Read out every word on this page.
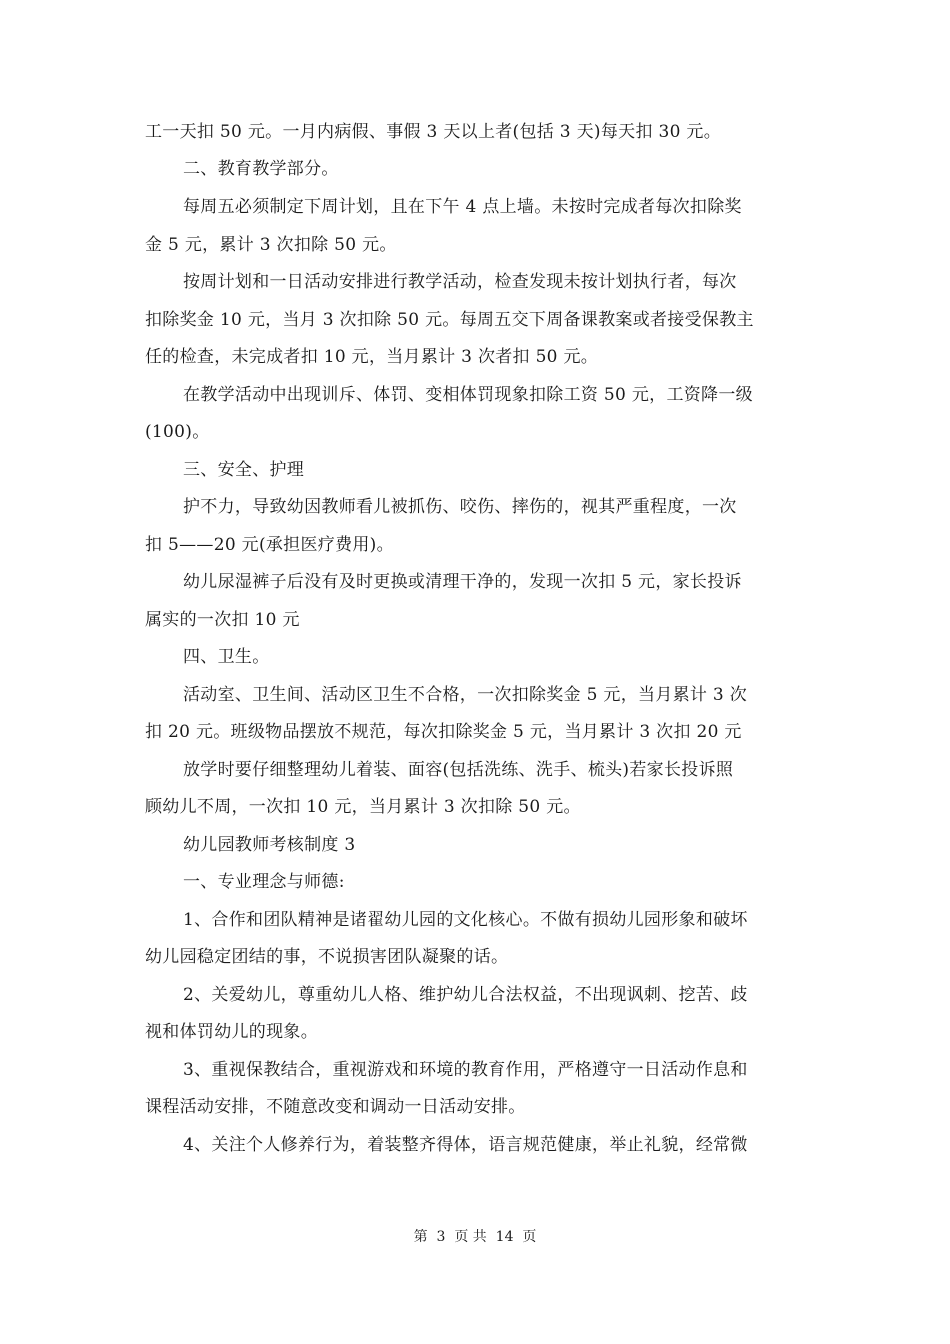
工一天扣 50 元。一月内病假、事假 3 天以上者(包括 3 天)每天扣 30 元。
二、教育教学部分。
每周五必须制定下周计划，且在下午 4 点上墙。未按时完成者每次扣除奖
金 5 元，累计 3 次扣除 50 元。
按周计划和一日活动安排进行教学活动，检查发现未按计划执行者，每次
扣除奖金 10 元，当月 3 次扣除 50 元。每周五交下周备课教案或者接受保教主
任的检查，未完成者扣 10 元，当月累计 3 次者扣 50 元。
在教学活动中出现训斥、体罚、变相体罚现象扣除工资 50 元，工资降一级
(100)。
三、安全、护理
护不力，导致幼因教师看儿被抓伤、咬伤、摔伤的，视其严重程度，一次
扣 5——20 元(承担医疗费用)。
幼儿尿湿裤子后没有及时更换或清理干净的，发现一次扣 5 元，家长投诉
属实的一次扣 10 元
四、卫生。
活动室、卫生间、活动区卫生不合格，一次扣除奖金 5 元，当月累计 3 次
扣 20 元。班级物品摆放不规范，每次扣除奖金 5 元，当月累计 3 次扣 20 元
放学时要仔细整理幼儿着装、面容(包括洗练、洗手、梳头)若家长投诉照
顾幼儿不周，一次扣 10 元，当月累计 3 次扣除 50 元。
幼儿园教师考核制度 3
一、专业理念与师德:
1、合作和团队精神是诸翟幼儿园的文化核心。不做有损幼儿园形象和破坏
幼儿园稳定团结的事，不说损害团队凝聚的话。
2、关爱幼儿，尊重幼儿人格、维护幼儿合法权益，不出现讽刺、挖苦、歧
视和体罚幼儿的现象。
3、重视保教结合，重视游戏和环境的教育作用，严格遵守一日活动作息和
课程活动安排，不随意改变和调动一日活动安排。
4、关注个人修养行为，着装整齐得体，语言规范健康，举止礼貌，经常微
第  3  页 共  14  页
